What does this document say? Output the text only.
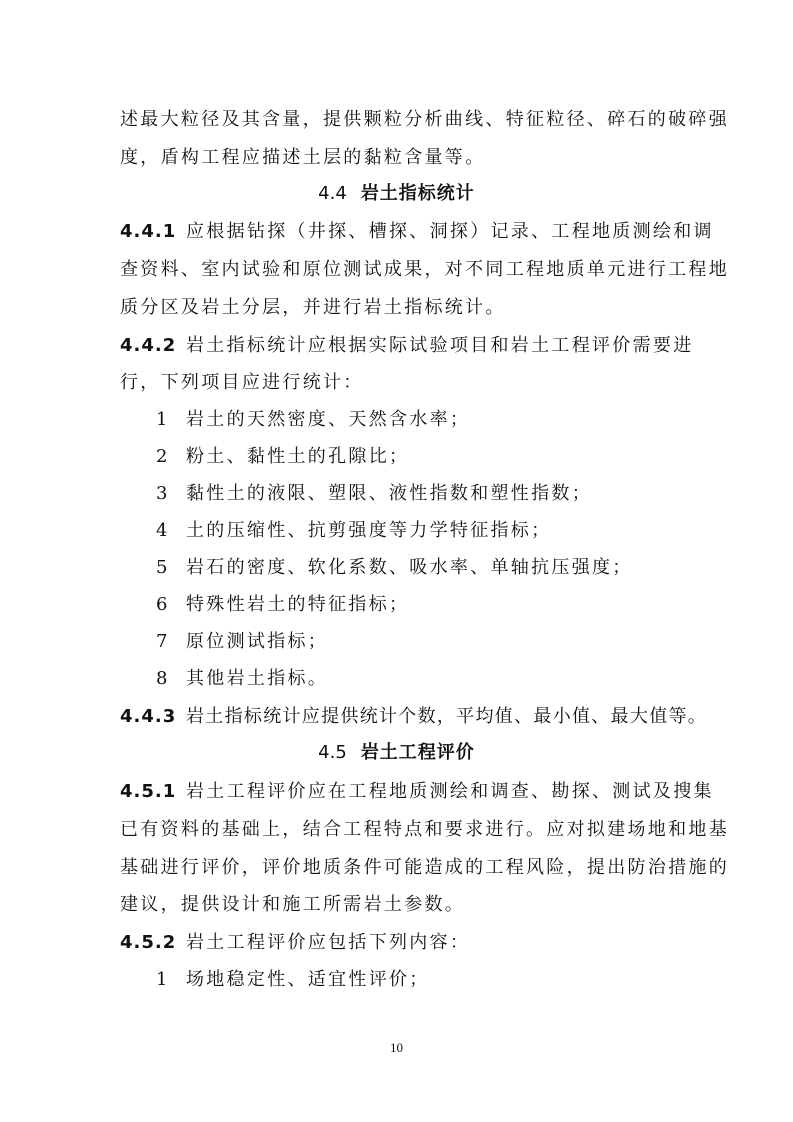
述最大粒径及其含量，提供颗粒分析曲线、特征粒径、碎石的破碎强
度，盾构工程应描述土层的黏粒含量等。
4.4 岩土指标统计
4.4.1 应根据钻探（井探、槽探、洞探）记录、工程地质测绘和调
查资料、室内试验和原位测试成果，对不同工程地质单元进行工程地
质分区及岩土分层，并进行岩土指标统计。
4.4.2 岩土指标统计应根据实际试验项目和岩土工程评价需要进
行，下列项目应进行统计：
1 岩土的天然密度、天然含水率；
2 粉土、黏性土的孔隙比；
3 黏性土的液限、塑限、液性指数和塑性指数；
4 土的压缩性、抗剪强度等力学特征指标；
5 岩石的密度、软化系数、吸水率、单轴抗压强度；
6 特殊性岩土的特征指标；
7 原位测试指标；
8 其他岩土指标。
4.4.3 岩土指标统计应提供统计个数，平均值、最小值、最大值等。
4.5 岩土工程评价
4.5.1 岩土工程评价应在工程地质测绘和调查、勘探、测试及搜集
已有资料的基础上，结合工程特点和要求进行。应对拟建场地和地基
基础进行评价，评价地质条件可能造成的工程风险，提出防治措施的
建议，提供设计和施工所需岩土参数。
4.5.2 岩土工程评价应包括下列内容：
1 场地稳定性、适宜性评价；
10
